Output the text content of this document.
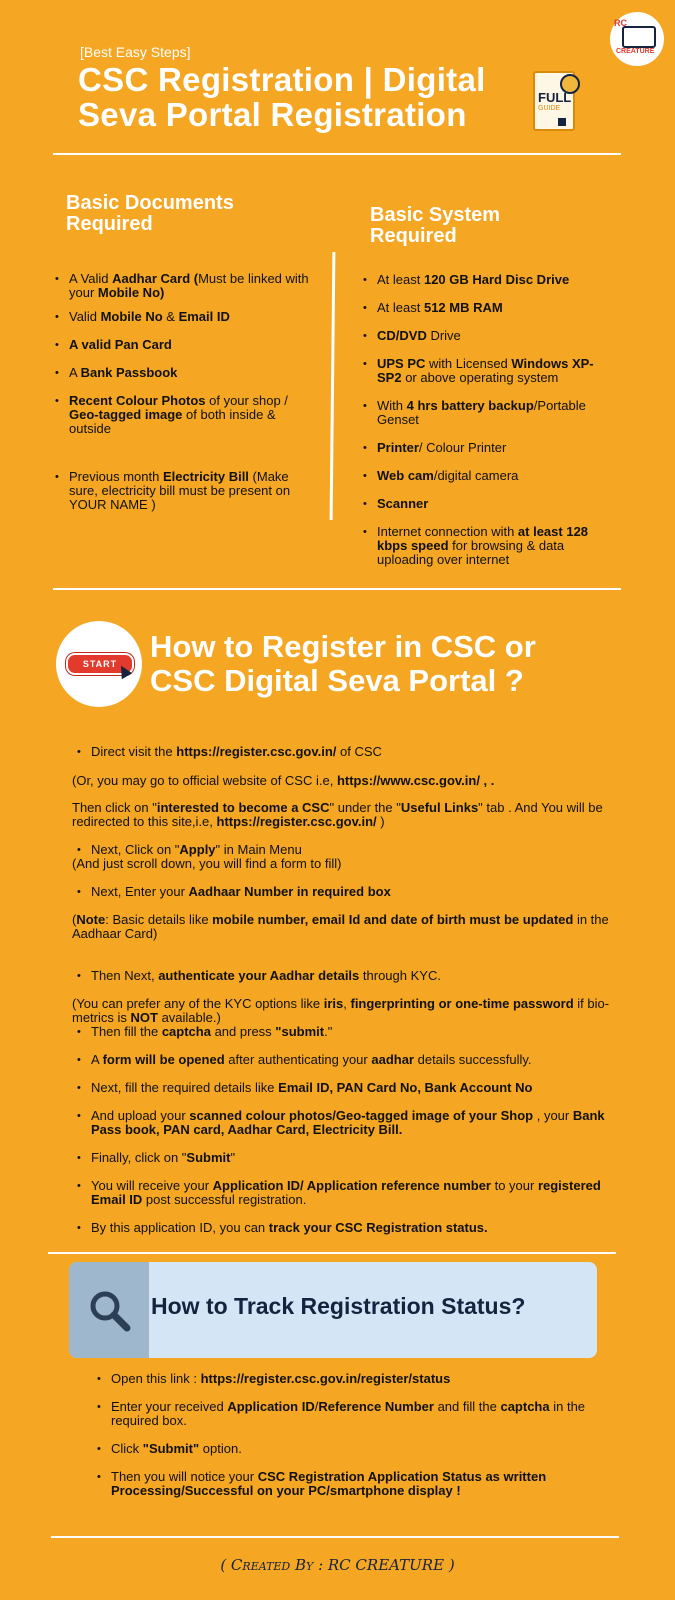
[Best Easy Steps]
CSC Registration | Digital
Seva Portal Registration	FULL
GUIDE
RC
CREATURE
Basic Documents
Required
• A Valid Aadhar Card (Must be linked with your Mobile No)
• Valid Mobile No & Email ID
• A valid Pan Card
• A Bank Passbook
• Recent Colour Photos of your shop / Geo-tagged image of both inside & outside
• Previous month Electricity Bill (Make sure, electricity bill must be present on YOUR NAME )
Basic System
Required
• At least 120 GB Hard Disc Drive
• At least 512 MB RAM
• CD/DVD Drive
• UPS PC with Licensed Windows XP-SP2 or above operating system
• With 4 hrs battery backup/Portable Genset
• Printer/ Colour Printer
• Web cam/digital camera
• Scanner
• Internet connection with at least 128 kbps speed for browsing & data uploading over internet
START	How to Register in CSC or
CSC Digital Seva Portal ?
• Direct visit the https://register.csc.gov.in/ of CSC
(Or, you may go to official website of CSC i.e, https://www.csc.gov.in/ , .
Then click on "interested to become a CSC" under the "Useful Links" tab . And You will be redirected to this site,i.e, https://register.csc.gov.in/ )
• Next, Click on "Apply" in Main Menu
(And just scroll down, you will find a form to fill)
• Next, Enter your Aadhaar Number in required box
(Note: Basic details like mobile number, email Id and date of birth must be updated in the Aadhaar Card)
• Then Next, authenticate your Aadhar details through KYC.
(You can prefer any of the KYC options like iris, fingerprinting or one-time password if bio-metrics is NOT available.)
• Then fill the captcha and press "submit."
• A form will be opened after authenticating your aadhar details successfully.
• Next, fill the required details like Email ID, PAN Card No, Bank Account No
• And upload your scanned colour photos/Geo-tagged image of your Shop , your Bank Pass book, PAN card, Aadhar Card, Electricity Bill.
• Finally, click on "Submit"
• You will receive your Application ID/ Application reference number to your registered Email ID post successful registration.
• By this application ID, you can track your CSC Registration status.
How to Track Registration Status?
• Open this link : https://register.csc.gov.in/register/status
• Enter your received Application ID/Reference Number and fill the captcha in the required box.
• Click "Submit" option.
• Then you will notice your CSC Registration Application Status as written Processing/Successful on your PC/smartphone display !
( Created By : RC CREATURE )
